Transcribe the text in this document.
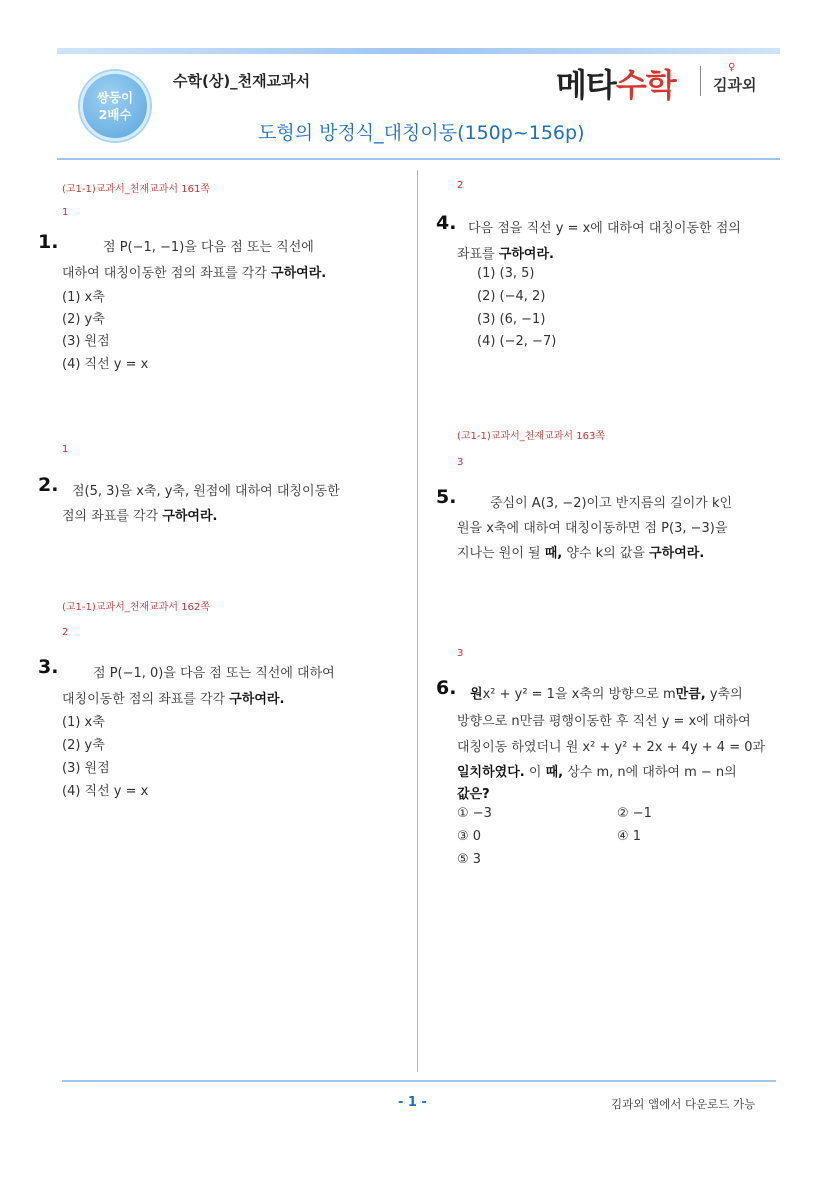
쌍둥이
2배수
수학(상)_천재교과서	메타수학	♀
김과외
도형의 방정식_대칭이동(150p~156p)
(고1-1)교과서_천재교과서 161쪽
1
1.	점 P(−1, −1)을 다음 점 또는 직선에
대하여 대칭이동한 점의 좌표를 각각 구하여라.
(1) x축
(2) y축
(3) 원점
(4) 직선 y = x
1
2. 점(5, 3)을 x축, y축, 원점에 대하여 대칭이동한
점의 좌표를 각각 구하여라.
(고1-1)교과서_천재교과서 162쪽
2
3.	점 P(−1, 0)을 다음 점 또는 직선에 대하여
대칭이동한 점의 좌표를 각각 구하여라.
(1) x축
(2) y축
(3) 원점
(4) 직선 y = x
2
4. 다음 점을 직선 y = x에 대하여 대칭이동한 점의
좌표를 구하여라.
(1) (3, 5)
(2) (−4, 2)
(3) (6, −1)
(4) (−2, −7)
(고1-1)교과서_천재교과서 163쪽
3
5.	중심이 A(3, −2)이고 반지름의 길이가 k인
원을 x축에 대하여 대칭이동하면 점 P(3, −3)을
지나는 원이 될 때, 양수 k의 값을 구하여라.
3
6. 원x² + y² = 1을 x축의 방향으로 m만큼, y축의
방향으로 n만큼 평행이동한 후 직선 y = x에 대하여
대칭이동 하였더니 원 x² + y² + 2x + 4y + 4 = 0과
일치하였다. 이 때, 상수 m, n에 대하여 m − n의
값은?
① −3	② −1
③ 0	④ 1
⑤ 3
- 1 -	김과외 앱에서 다운로드 가능
